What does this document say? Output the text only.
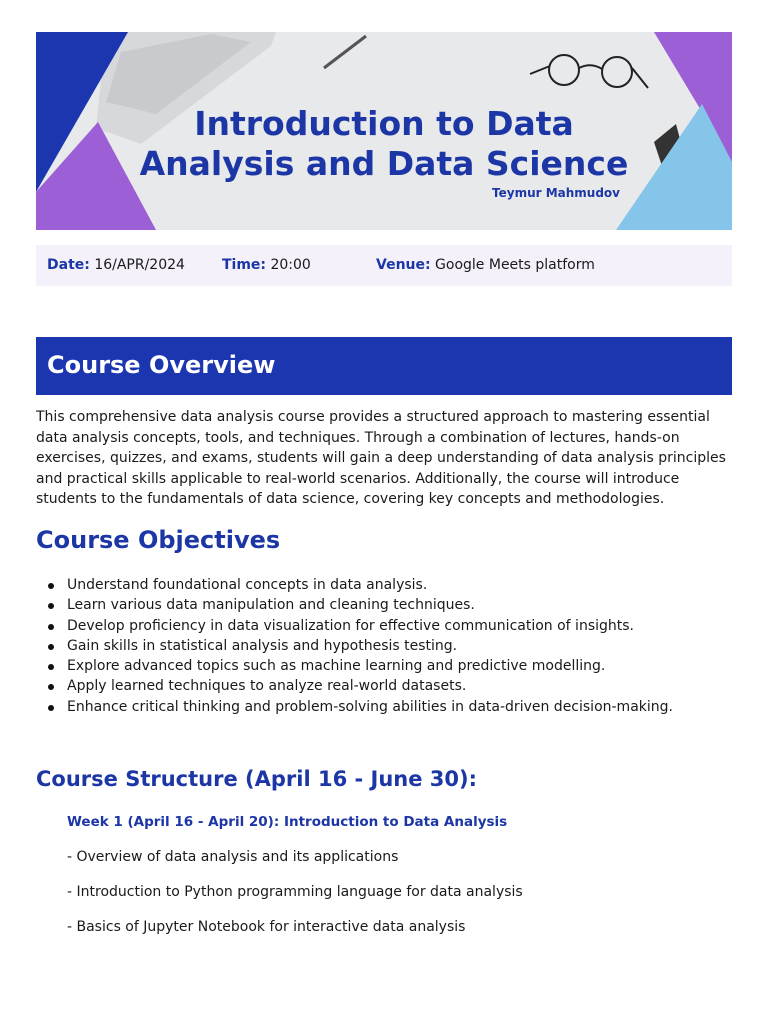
Introduction to Data
Analysis and Data Science
Teymur Mahmudov
Date: 16/APR/2024	Time: 20:00	Venue: Google Meets platform
Course Overview
This comprehensive data analysis course provides a structured approach to mastering essential data analysis concepts, tools, and techniques. Through a combination of lectures, hands-on exercises, quizzes, and exams, students will gain a deep understanding of data analysis principles and practical skills applicable to real-world scenarios. Additionally, the course will introduce students to the fundamentals of data science, covering key concepts and methodologies.
Course Objectives
Understand foundational concepts in data analysis.
Learn various data manipulation and cleaning techniques.
Develop proficiency in data visualization for effective communication of insights.
Gain skills in statistical analysis and hypothesis testing.
Explore advanced topics such as machine learning and predictive modelling.
Apply learned techniques to analyze real-world datasets.
Enhance critical thinking and problem-solving abilities in data-driven decision-making.
Course Structure (April 16 - June 30):
Week 1 (April 16 - April 20): Introduction to Data Analysis
- Overview of data analysis and its applications
- Introduction to Python programming language for data analysis
- Basics of Jupyter Notebook for interactive data analysis
